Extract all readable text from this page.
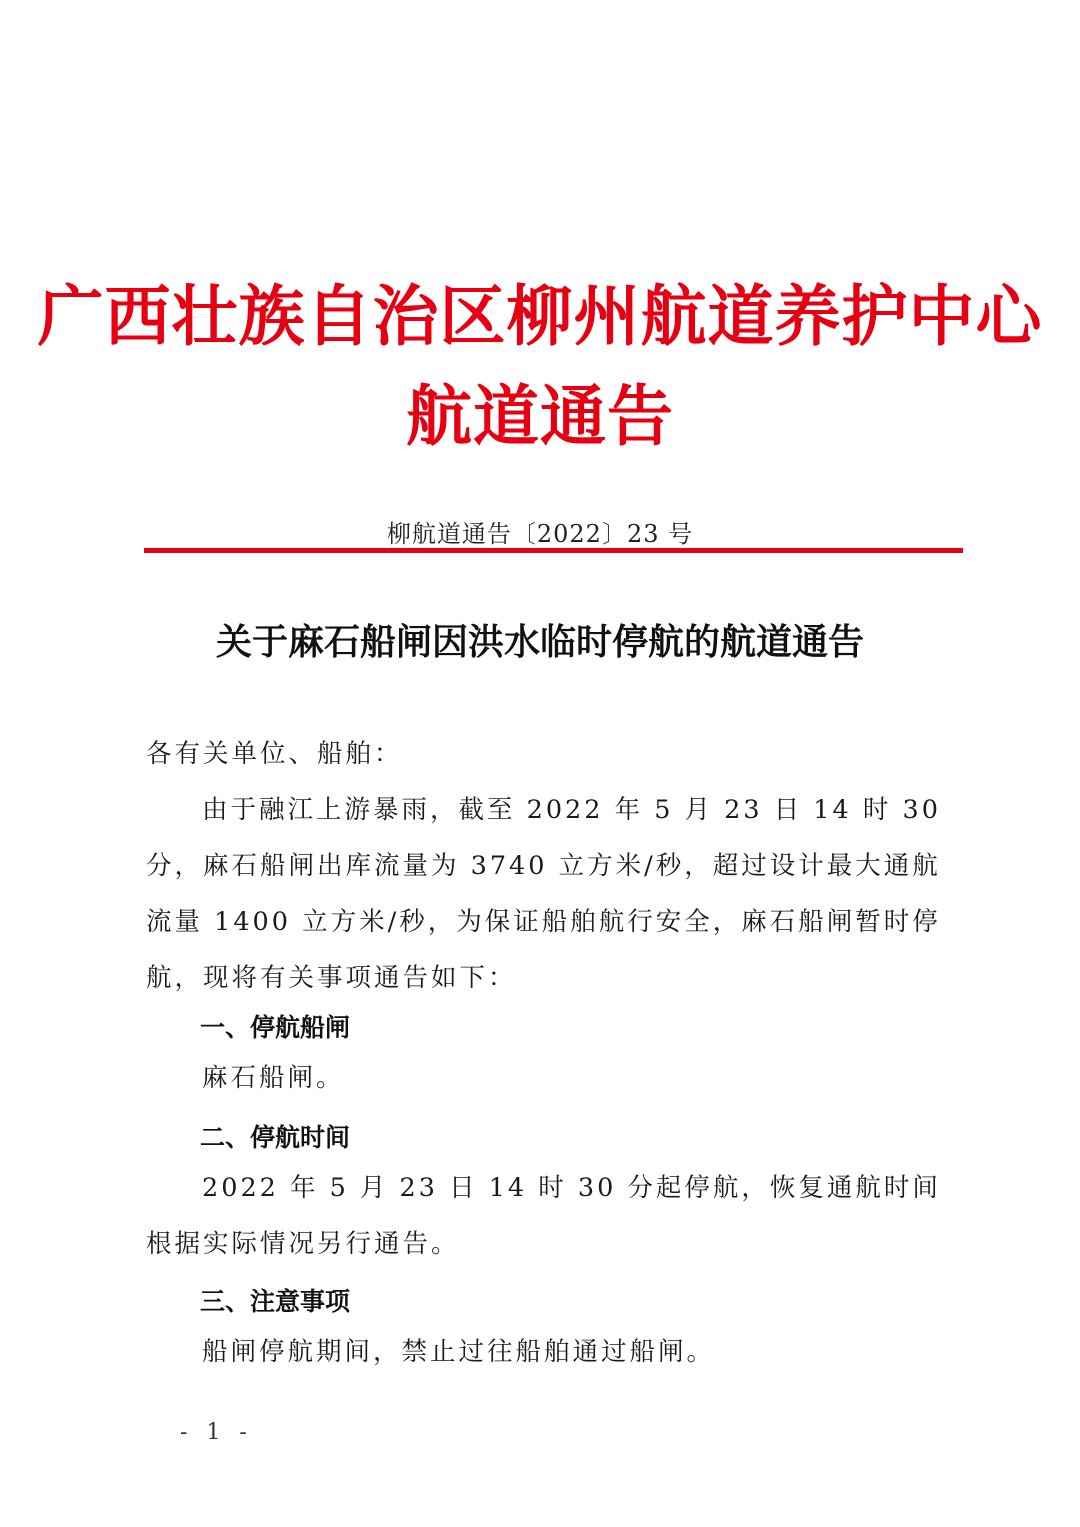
广西壮族自治区柳州航道养护中心
航道通告
柳航道通告〔2022〕23 号
关于麻石船闸因洪水临时停航的航道通告
各有关单位、船舶：
由于融江上游暴雨，截至 2022 年 5 月 23 日 14 时 30 分，麻石船闸出库流量为 3740 立方米/秒，超过设计最大通航流量 1400 立方米/秒，为保证船舶航行安全，麻石船闸暂时停航，现将有关事项通告如下：
一、停航船闸
麻石船闸。
二、停航时间
2022 年 5 月 23 日 14 时 30 分起停航，恢复通航时间根据实际情况另行通告。
三、注意事项
船闸停航期间，禁止过往船舶通过船闸。
- 1 -
